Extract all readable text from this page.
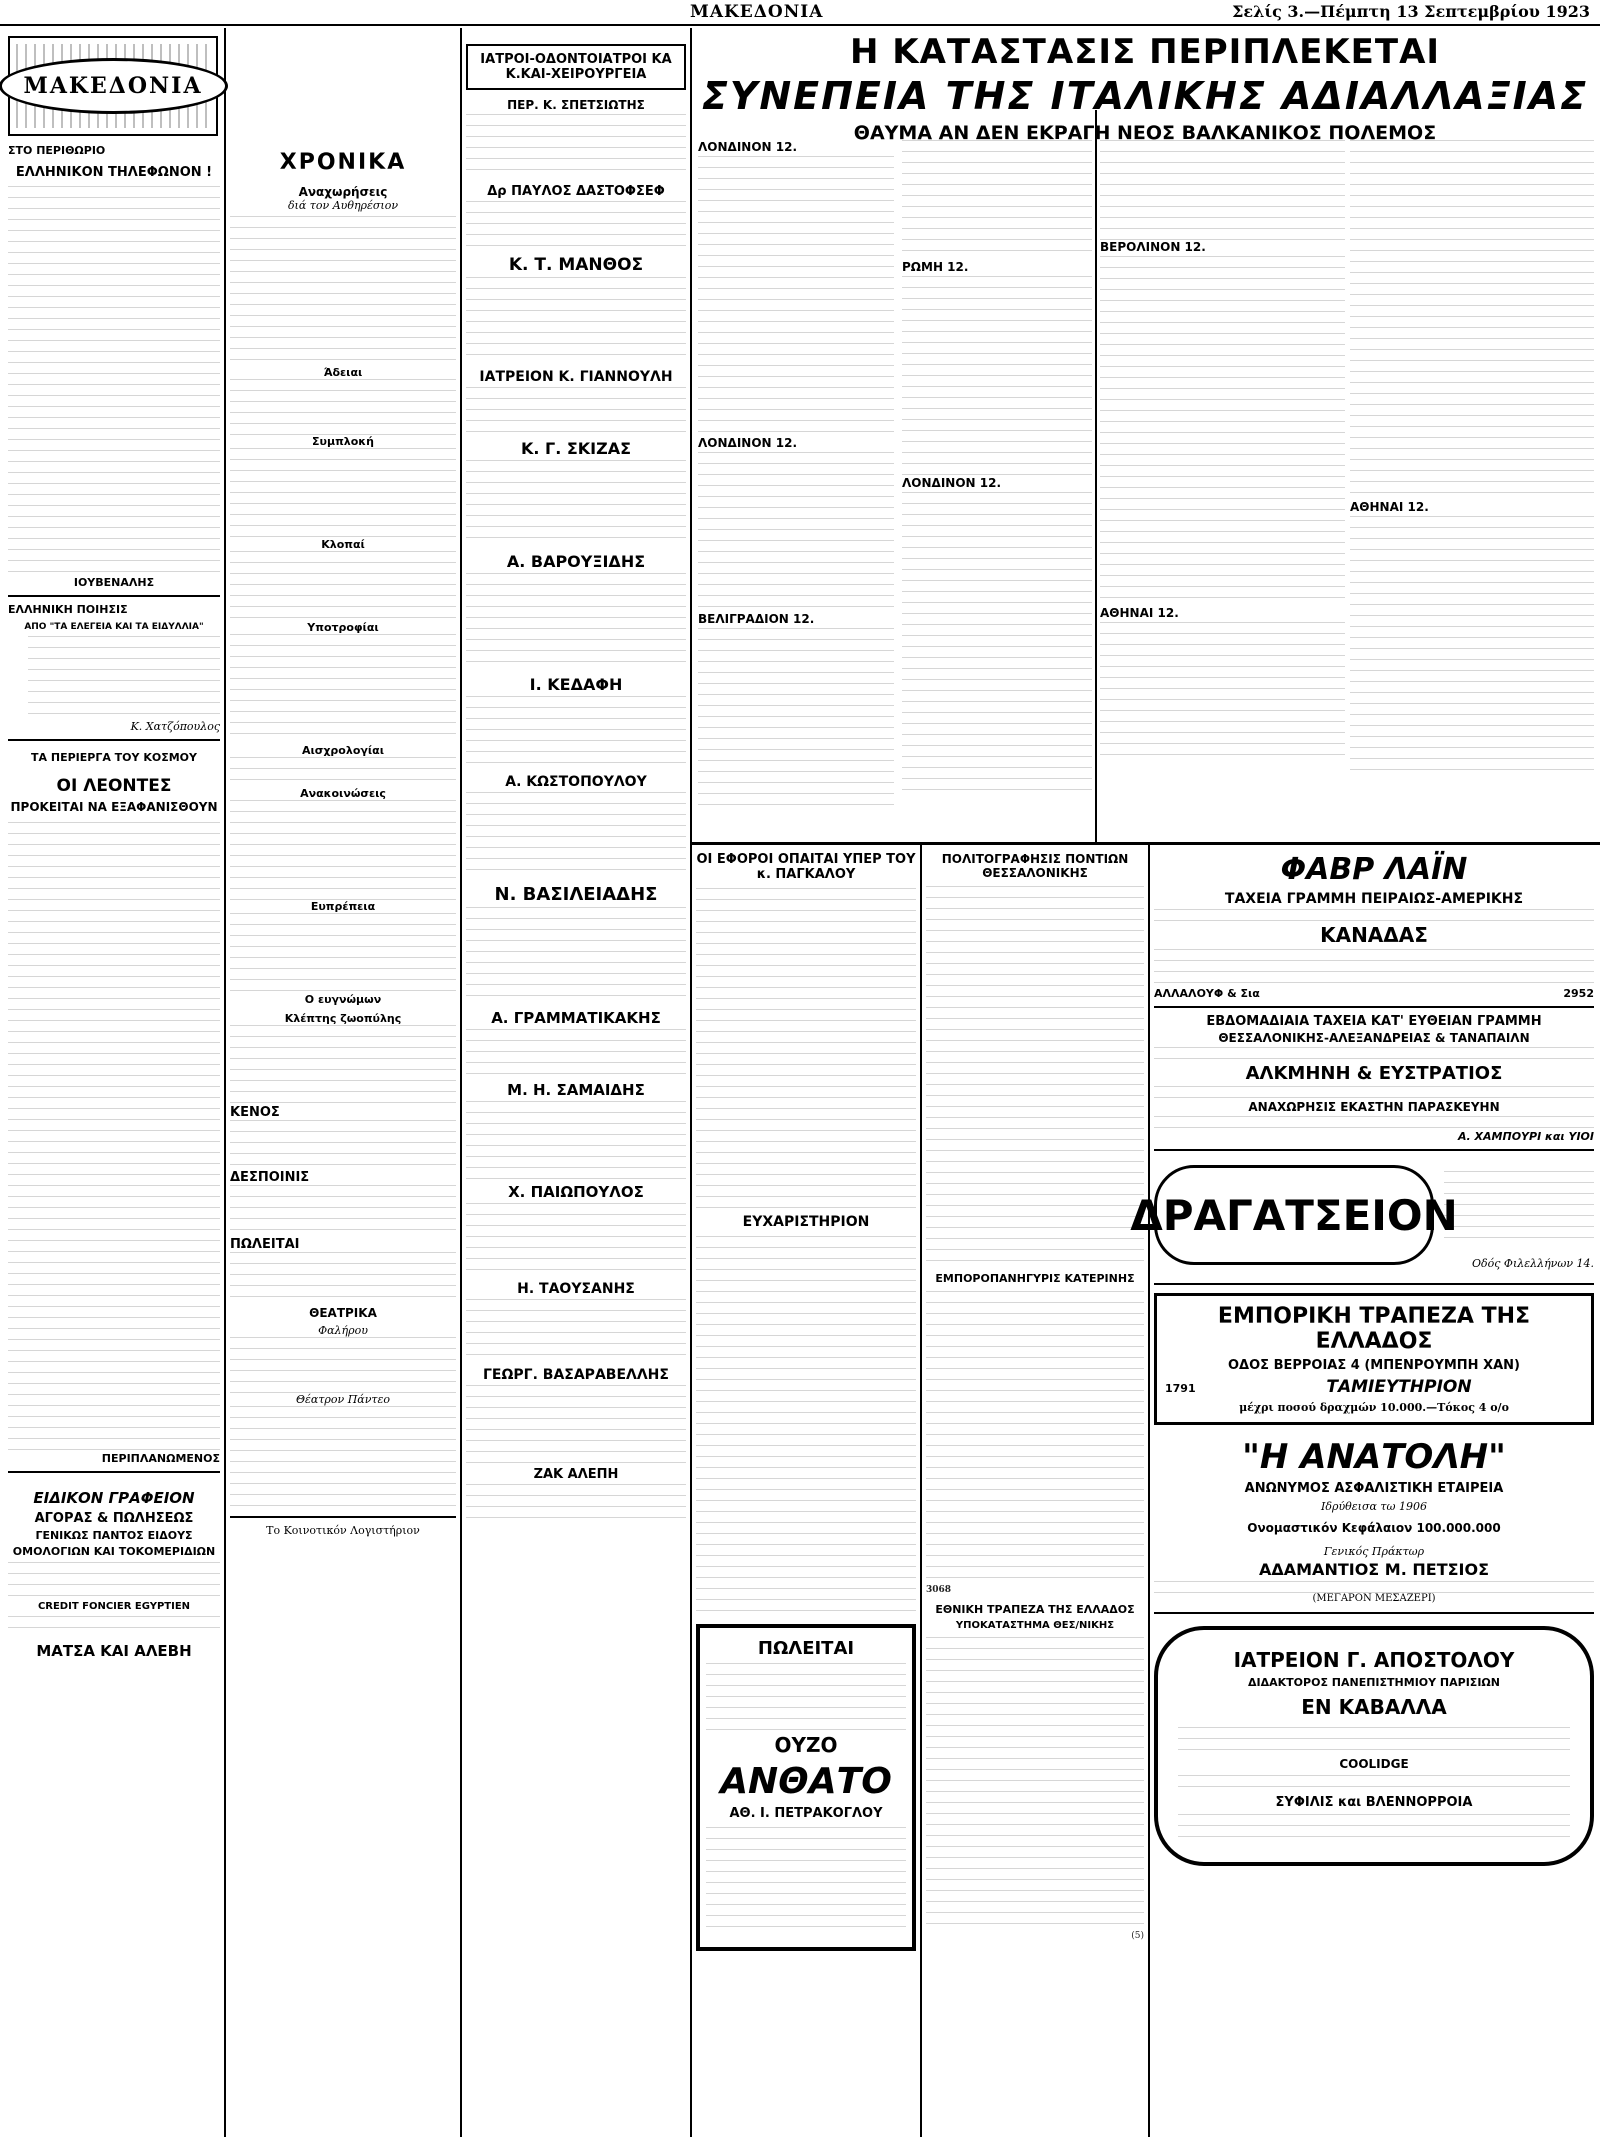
ΜΑΚΕΔΟΝΙΑ	Σελίς 3.—Πέμπτη 13 Σεπτεμβρίου 1923
ΜΑΚΕΔΟΝΙΑ
ΣΤΟ ΠΕΡΙΘΩΡΙΟ
ΕΛΛΗΝΙΚΟΝ ΤΗΛΕΦΩΝΟΝ !
ΙΟΥΒΕΝΑΛΗΣ
ΕΛΛΗΝΙΚΗ ΠΟΙΗΣΙΣ
ΑΠΟ "ΤΑ ΕΛΕΓΕΙΑ ΚΑΙ ΤΑ ΕΙΔΥΛΛΙΑ"
Κ. Χατζόπουλος
ΤΑ ΠΕΡΙΕΡΓΑ ΤΟΥ ΚΟΣΜΟΥ
ΟΙ ΛΕΟΝΤΕΣ
ΠΡΟΚΕΙΤΑΙ ΝΑ ΕΞΑΦΑΝΙΣΘΟΥΝ
ΠΕΡΙΠΛΑΝΩΜΕΝΟΣ
ΕΙΔΙΚΟΝ ΓΡΑΦΕΙΟΝ
ΑΓΟΡΑΣ & ΠΩΛΗΣΕΩΣ
ΓΕΝΙΚΩΣ ΠΑΝΤΟΣ ΕΙΔΟΥΣ
ΟΜΟΛΟΓΙΩΝ ΚΑΙ ΤΟΚΟΜΕΡΙΔΙΩΝ
CREDIT FONCIER EGYPTIEN
ΜΑΤΣΑ ΚΑΙ ΑΛΕΒΗ
ΧΡΟΝΙΚΑ
Αναχωρήσεις
διά τον Αυθηρέσιον
Άδειαι
Συμπλοκή
Κλοπαί
Υποτροφίαι
Αισχρολογίαι
Ανακοινώσεις
Ευπρέπεια
Ο ευγνώμων
Κλέπτης ζωοπύλης
ΚΕΝΟΣ
ΔΕΣΠΟΙΝΙΣ
ΠΩΛΕΙΤΑΙ
ΘΕΑΤΡΙΚΑ
Φαλήρου
Θέατρον Πάντεο
Το Κοινοτικόν Λογιστήριον
ΙΑΤΡΟΙ-ΟΔΟΝΤΟΙΑΤΡΟΙ ΚΑ Κ.ΚΑΙ-ΧΕΙΡΟΥΡΓΕΙΑ
ΠΕΡ. Κ. ΣΠΕΤΣΙΩΤΗΣ
Δρ ΠΑΥΛΟΣ ΔΑΣΤΟΦΣΕΦ
Κ. Τ. ΜΑΝΘΟΣ
ΙΑΤΡΕΙΟΝ Κ. ΓΙΑΝΝΟΥΛΗ
Κ. Γ. ΣΚΙΖΑΣ
Α. ΒΑΡΟΥΞΙΔΗΣ
Ι. ΚΕΔΑΦΗ
Α. ΚΩΣΤΟΠΟΥΛΟΥ
Ν. ΒΑΣΙΛΕΙΑΔΗΣ
Α. ΓΡΑΜΜΑΤΙΚΑΚΗΣ
Μ. Η. ΣΑΜΑΙΔΗΣ
Χ. ΠΑΙΩΠΟΥΛΟΣ
Η. ΤΑΟΥΣΑΝΗΣ
ΓΕΩΡΓ. ΒΑΣΑΡΑΒΕΛΛΗΣ
ΖΑΚ ΑΛΕΠΗ
Η ΚΑΤΑΣΤΑΣΙΣ ΠΕΡΙΠΛΕΚΕΤΑΙ
ΣΥΝΕΠΕΙΑ ΤΗΣ ΙΤΑΛΙΚΗΣ ΑΔΙΑΛΛΑΞΙΑΣ
ΘΑΥΜΑ ΑΝ ΔΕΝ ΕΚΡΑΓΗ ΝΕΟΣ ΒΑΛΚΑΝΙΚΟΣ ΠΟΛΕΜΟΣ
ΛΟΝΔΙΝΟΝ 12.
ΛΟΝΔΙΝΟΝ 12.
ΒΕΛΙΓΡΑΔΙΟΝ 12.
ΡΩΜΗ 12.
ΛΟΝΔΙΝΟΝ 12.
ΒΕΡΟΛΙΝΟΝ 12.
ΑΘΗΝΑΙ 12.
ΑΘΗΝΑΙ 12.
ΟΙ ΕΦΟΡΟΙ ΟΠΑΙΤΑΙ ΥΠΕΡ ΤΟΥ κ. ΠΑΓΚΑΛΟΥ
ΕΥΧΑΡΙΣΤΗΡΙΟΝ
ΠΩΛΕΙΤΑΙ
ΟΥΖΟ
ΑΝΘΑΤΟ
ΑΘ. Ι. ΠΕΤΡΑΚΟΓΛΟΥ
ΠΟΛΙΤΟΓΡΑΦΗΣΙΣ ΠΟΝΤΙΩΝ ΘΕΣΣΑΛΟΝΙΚΗΣ
ΕΜΠΟΡΟΠΑΝΗΓΥΡΙΣ ΚΑΤΕΡΙΝΗΣ
3068
ΕΘΝΙΚΗ ΤΡΑΠΕΖΑ ΤΗΣ ΕΛΛΑΔΟΣ
ΥΠΟΚΑΤΑΣΤΗΜΑ ΘΕΣ/ΝΙΚΗΣ
(5)
ΦΑΒΡ ΛΑΪΝ
ΤΑΧΕΙΑ ΓΡΑΜΜΗ ΠΕΙΡΑΙΩΣ-ΑΜΕΡΙΚΗΣ
ΚΑΝΑΔΑΣ
ΑΛΛΑΛΟΥΦ & Σια	2952
ΕΒΔΟΜΑΔΙΑΙΑ ΤΑΧΕΙΑ ΚΑΤ' ΕΥΘΕΙΑΝ ΓΡΑΜΜΗ
ΘΕΣΣΑΛΟΝΙΚΗΣ-ΑΛΕΞΑΝΔΡΕΙΑΣ & ΤΑΝΑΠΑΙΛΝ
ΑΛΚΜΗΝΗ & ΕΥΣΤΡΑΤΙΟΣ
ΑΝΑΧΩΡΗΣΙΣ ΕΚΑΣΤΗΝ ΠΑΡΑΣΚΕΥΗΝ
Α. ΧΑΜΠΟΥΡΙ και ΥΙΟΙ
ΔΡΑΓΑΤΣΕΙΟΝ
Οδός Φιλελλήνων 14.
ΕΜΠΟΡΙΚΗ ΤΡΑΠΕΖΑ ΤΗΣ ΕΛΛΑΔΟΣ
ΟΔΟΣ ΒΕΡΡΟΙΑΣ 4 (ΜΠΕΝΡΟΥΜΠΗ ΧΑΝ)
1791	ΤΑΜΙΕΥΤΗΡΙΟΝ
μέχρι ποσού δραχμών 10.000.—Τόκος 4 ο/ο
"Η ΑΝΑΤΟΛΗ"
ΑΝΩΝΥΜΟΣ ΑΣΦΑΛΙΣΤΙΚΗ ΕΤΑΙΡΕΙΑ
Ιδρύθεισα τω 1906
Ονομαστικόν Κεφάλαιον 100.000.000
Γενικός Πράκτωρ
ΑΔΑΜΑΝΤΙΟΣ Μ. ΠΕΤΣΙΟΣ
(ΜΕΓΑΡΟΝ ΜΕΣΑΖΕΡΙ)
ΙΑΤΡΕΙΟΝ Γ. ΑΠΟΣΤΟΛΟΥ
ΔΙΔΑΚΤΟΡΟΣ ΠΑΝΕΠΙΣΤΗΜΙΟΥ ΠΑΡΙΣΙΩΝ
ΕΝ ΚΑΒΑΛΛΑ
COOLIDGE
ΣΥΦΙΛΙΣ και ΒΛΕΝΝΟΡΡΟΙΑ
